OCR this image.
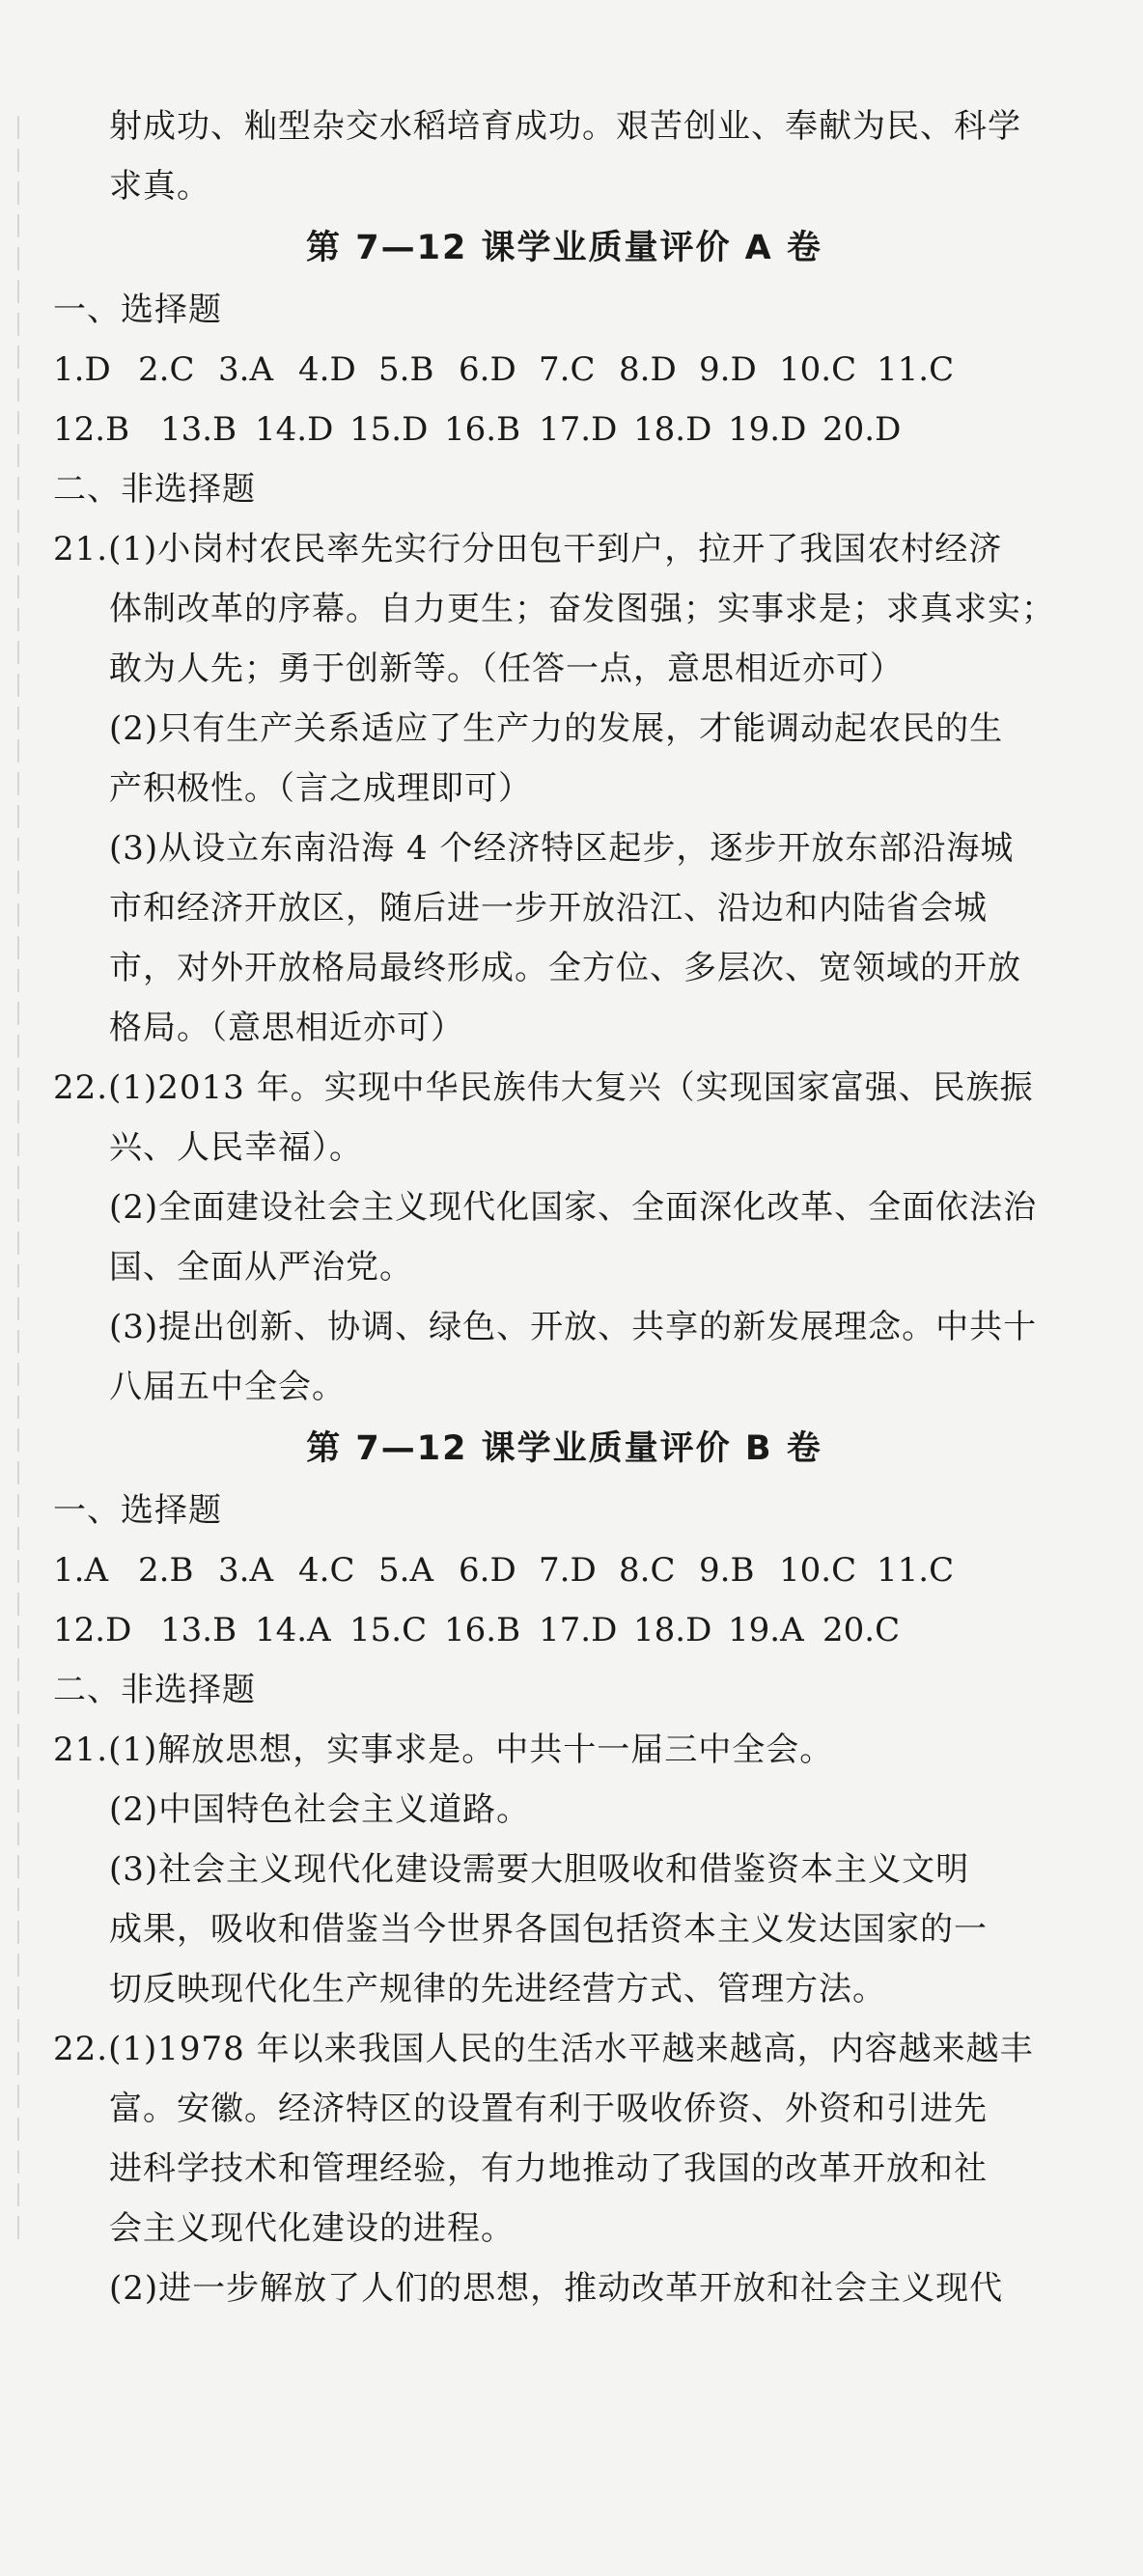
射成功、籼型杂交水稻培育成功。艰苦创业、奉献为民、科学
求真。
第 7—12 课学业质量评价 A 卷
一、选择题
1.D 2.C 3.A 4.D 5.B 6.D 7.C 8.D 9.D 10.C 11.C
12.B 13.B 14.D 15.D 16.B 17.D 18.D 19.D 20.D
二、非选择题
21.(1)小岗村农民率先实行分田包干到户，拉开了我国农村经济
体制改革的序幕。自力更生；奋发图强；实事求是；求真求实；
敢为人先；勇于创新等。（任答一点，意思相近亦可）
(2)只有生产关系适应了生产力的发展，才能调动起农民的生
产积极性。（言之成理即可）
(3)从设立东南沿海 4 个经济特区起步，逐步开放东部沿海城
市和经济开放区，随后进一步开放沿江、沿边和内陆省会城
市，对外开放格局最终形成。全方位、多层次、宽领域的开放
格局。（意思相近亦可）
22.(1)2013 年。实现中华民族伟大复兴（实现国家富强、民族振
兴、人民幸福）。
(2)全面建设社会主义现代化国家、全面深化改革、全面依法治
国、全面从严治党。
(3)提出创新、协调、绿色、开放、共享的新发展理念。中共十
八届五中全会。
第 7—12 课学业质量评价 B 卷
一、选择题
1.A 2.B 3.A 4.C 5.A 6.D 7.D 8.C 9.B 10.C 11.C
12.D 13.B 14.A 15.C 16.B 17.D 18.D 19.A 20.C
二、非选择题
21.(1)解放思想，实事求是。中共十一届三中全会。
(2)中国特色社会主义道路。
(3)社会主义现代化建设需要大胆吸收和借鉴资本主义文明
成果，吸收和借鉴当今世界各国包括资本主义发达国家的一
切反映现代化生产规律的先进经营方式、管理方法。
22.(1)1978 年以来我国人民的生活水平越来越高，内容越来越丰
富。安徽。经济特区的设置有利于吸收侨资、外资和引进先
进科学技术和管理经验，有力地推动了我国的改革开放和社
会主义现代化建设的进程。
(2)进一步解放了人们的思想，推动改革开放和社会主义现代
